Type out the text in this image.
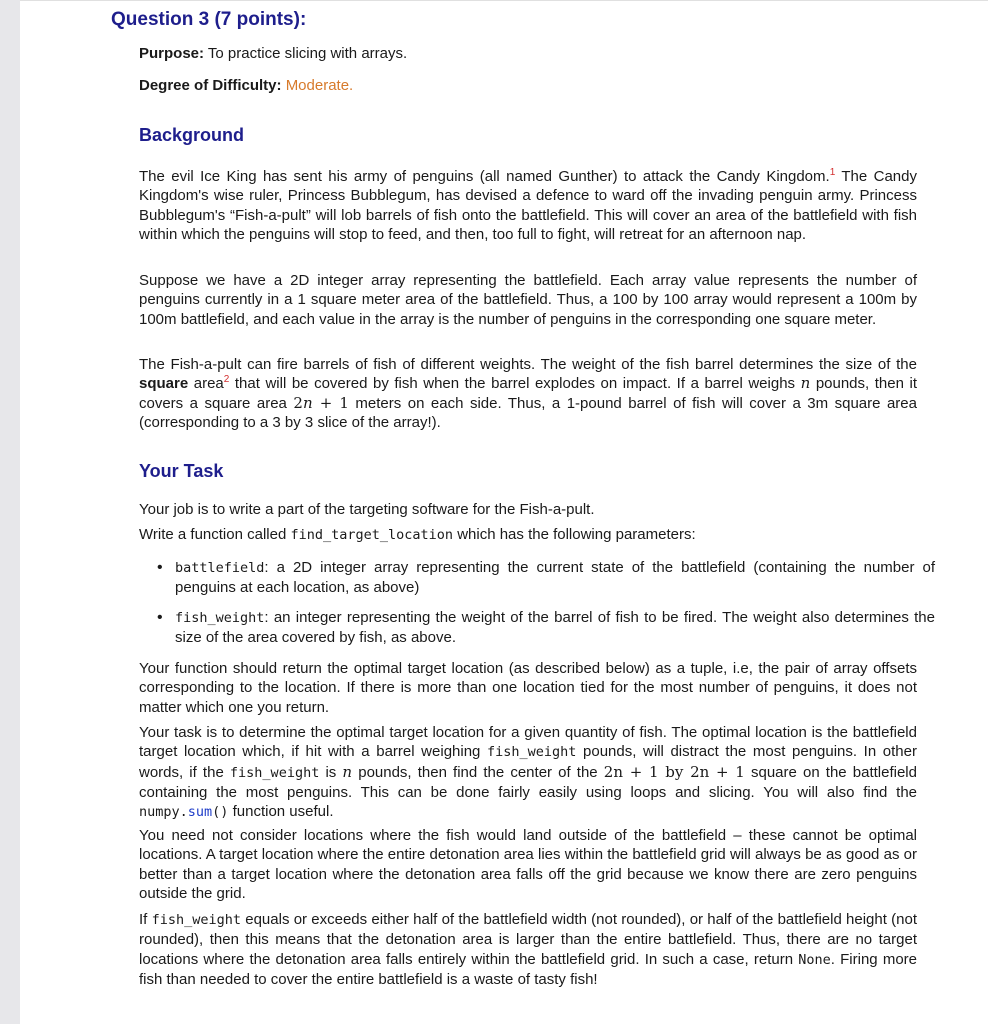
Question 3 (7 points):
Purpose: To practice slicing with arrays.
Degree of Difficulty: Moderate.
Background
The evil Ice King has sent his army of penguins (all named Gunther) to attack the Candy Kingdom.$^1$ The Candy Kingdom's wise ruler, Princess Bubblegum, has devised a defence to ward off the invading penguin army. Princess Bubblegum's “Fish-a-pult” will lob barrels of fish onto the battlefield. This will cover an area of the battlefield with fish within which the penguins will stop to feed, and then, too full to fight, will retreat for an afternoon nap.
Suppose we have a 2D integer array representing the battlefield. Each array value represents the number of penguins currently in a 1 square meter area of the battlefield. Thus, a 100 by 100 array would represent a 100m by 100m battlefield, and each value in the array is the number of penguins in the corresponding one square meter.
The Fish-a-pult can fire barrels of fish of different weights. The weight of the fish barrel determines the size of the square area$^2$ that will be covered by fish when the barrel explodes on impact. If a barrel weighs n pounds, then it covers a square area 2n + 1 meters on each side. Thus, a 1-pound barrel of fish will cover a 3m square area (corresponding to a 3 by 3 slice of the array!).
Your Task
Your job is to write a part of the targeting software for the Fish-a-pult.
Write a function called find_target_location which has the following parameters:
• battlefield: a 2D integer array representing the current state of the battlefield (containing the number of penguins at each location, as above)
• fish_weight: an integer representing the weight of the barrel of fish to be fired. The weight also determines the size of the area covered by fish, as above.
Your function should return the optimal target location (as described below) as a tuple, i.e, the pair of array offsets corresponding to the location. If there is more than one location tied for the most number of penguins, it does not matter which one you return.
Your task is to determine the optimal target location for a given quantity of fish. The optimal location is the battlefield target location which, if hit with a barrel weighing fish_weight pounds, will distract the most penguins. In other words, if the fish_weight is n pounds, then find the center of the 2n + 1 by 2n + 1 square on the battlefield containing the most penguins. This can be done fairly easily using loops and slicing. You will also find the numpy.sum() function useful.
You need not consider locations where the fish would land outside of the battlefield – these cannot be optimal locations. A target location where the entire detonation area lies within the battlefield grid will always be as good as or better than a target location where the detonation area falls off the grid because we know there are zero penguins outside the grid.
If fish_weight equals or exceeds either half of the battlefield width (not rounded), or half of the battlefield height (not rounded), then this means that the detonation area is larger than the entire battlefield. Thus, there are no target locations where the detonation area falls entirely within the battlefield grid. In such a case, return None. Firing more fish than needed to cover the entire battlefield is a waste of tasty fish!
